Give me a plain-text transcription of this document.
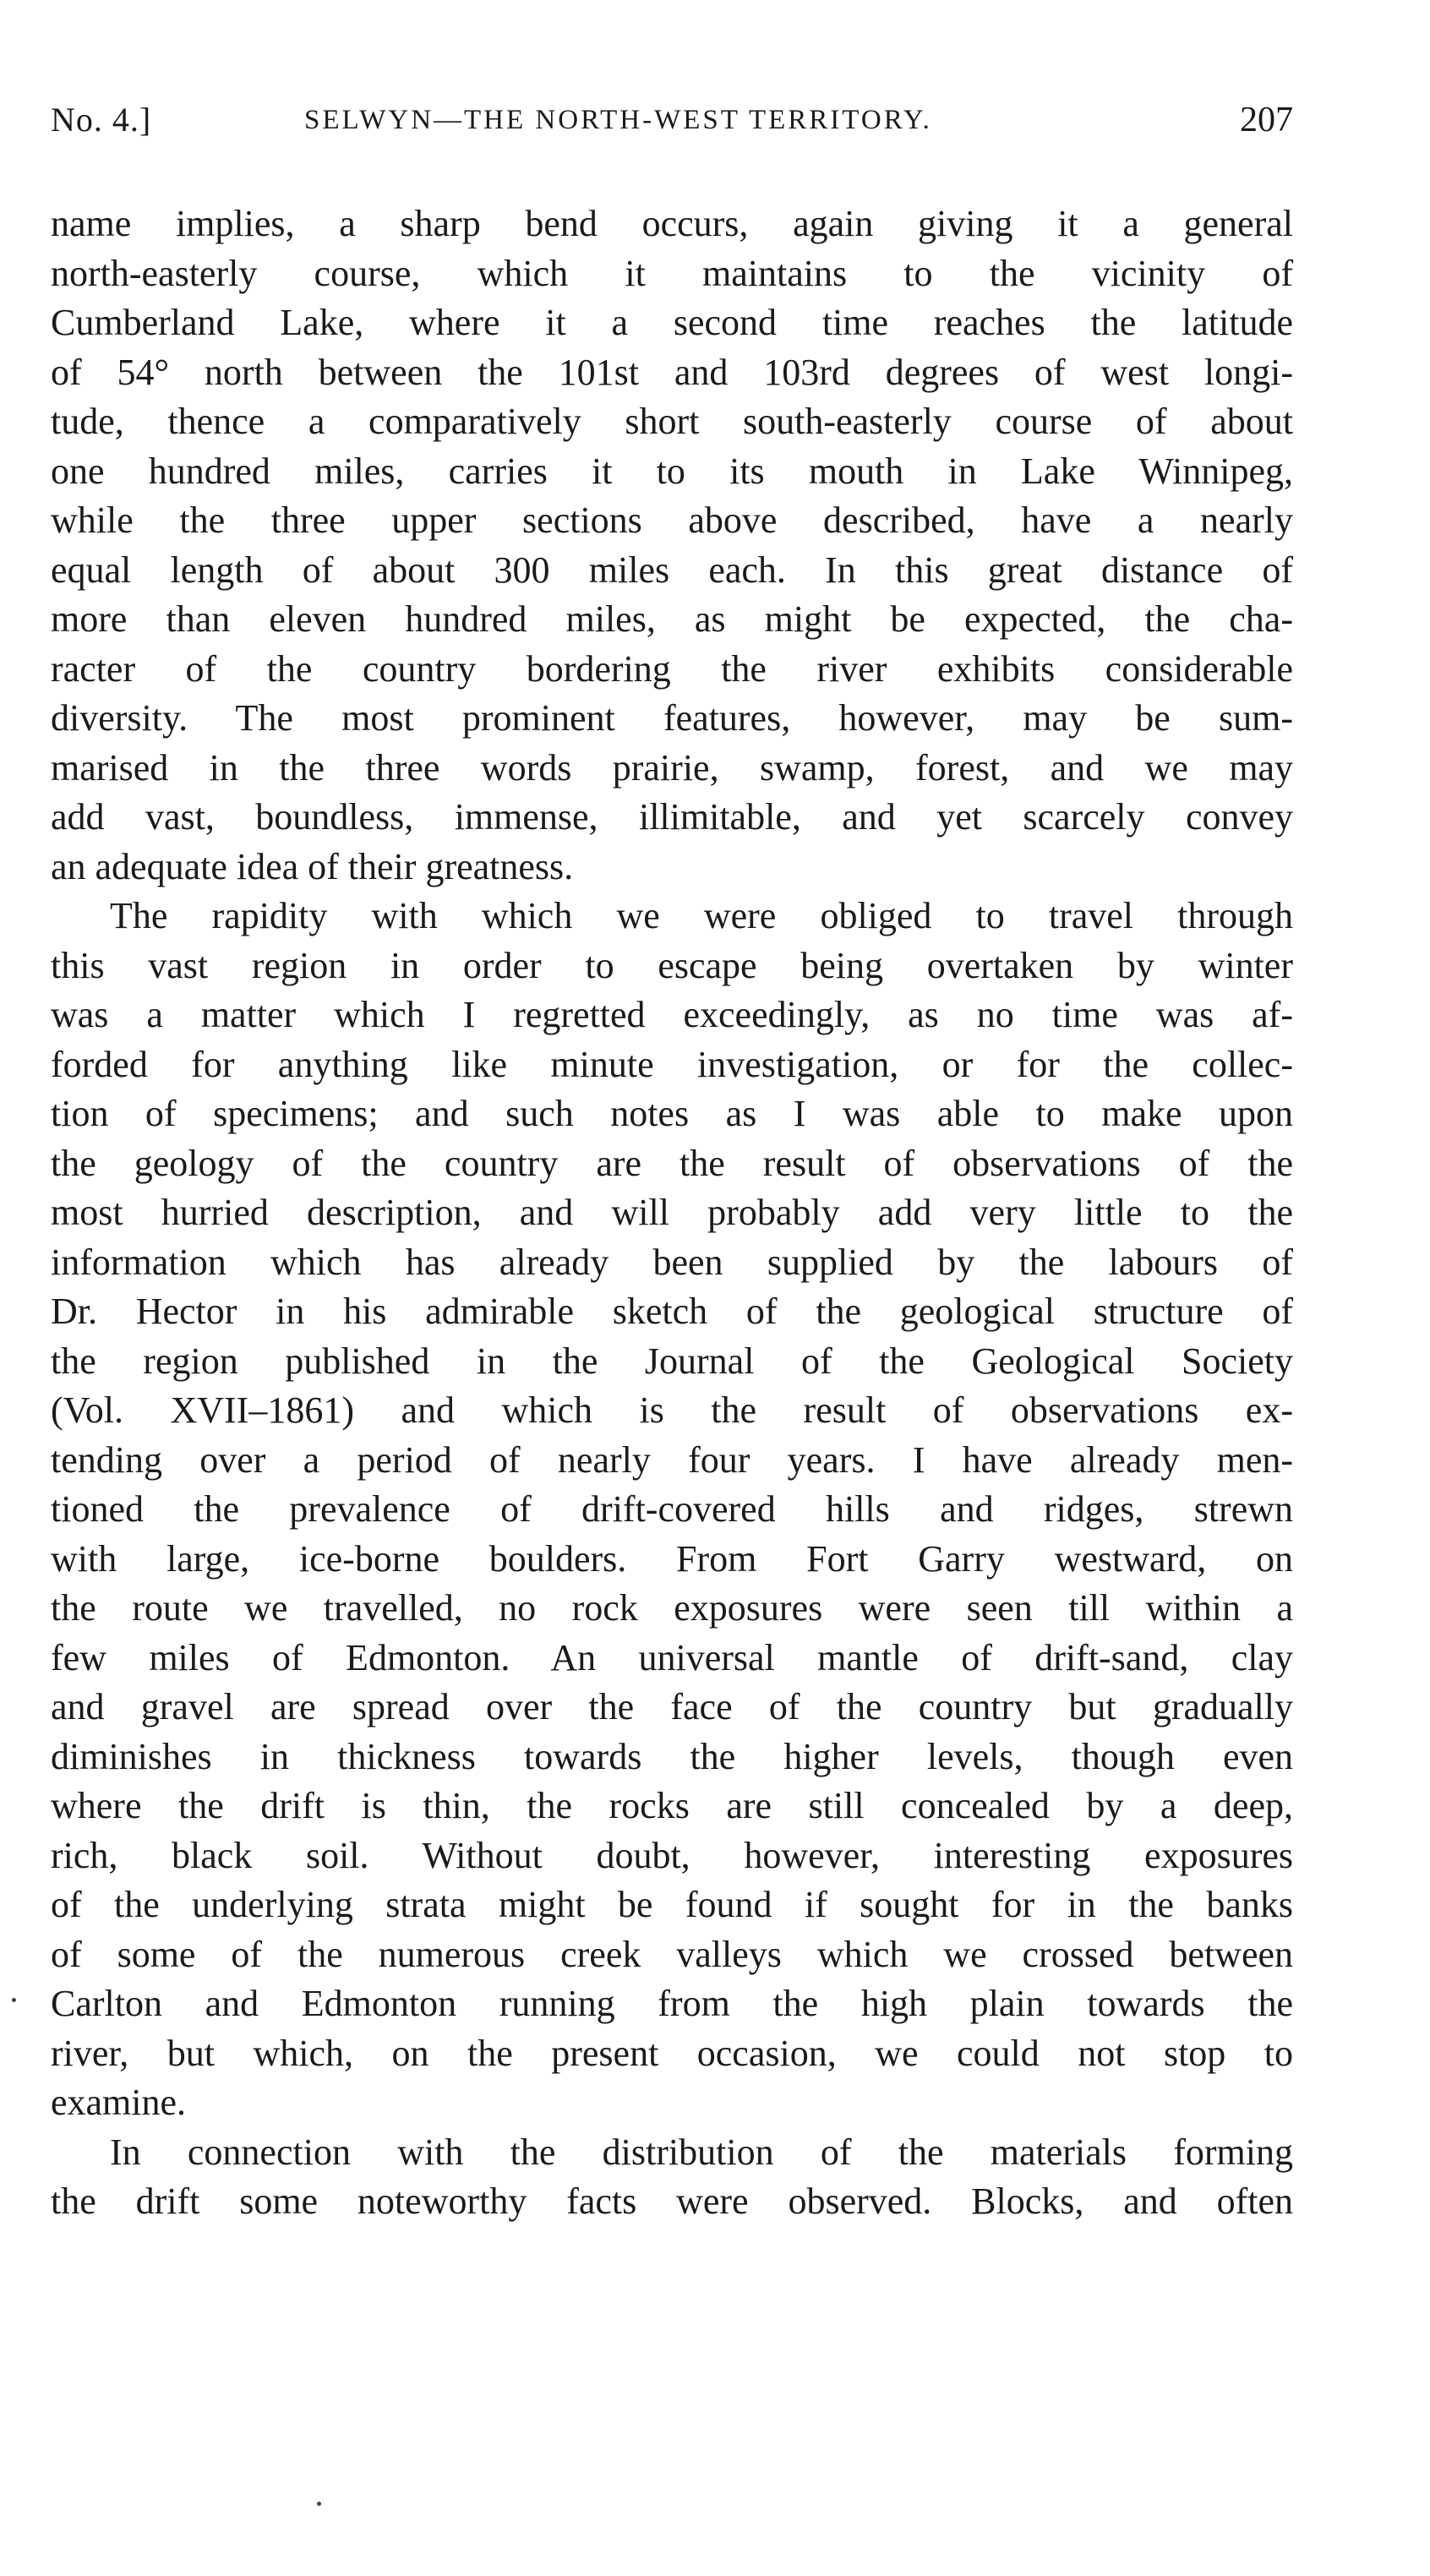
No. 4.]	SELWYN—THE NORTH-WEST TERRITORY.	207
name implies, a sharp bend occurs, again giving it a general
north-easterly course, which it maintains to the vicinity of
Cumberland Lake, where it a second time reaches the latitude
of 54° north between the 101st and 103rd degrees of west longi-
tude, thence a comparatively short south-easterly course of about
one hundred miles, carries it to its mouth in Lake Winnipeg,
while the three upper sections above described, have a nearly
equal length of about 300 miles each. In this great distance of
more than eleven hundred miles, as might be expected, the cha-
racter of the country bordering the river exhibits considerable
diversity. The most prominent features, however, may be sum-
marised in the three words prairie, swamp, forest, and we may
add vast, boundless, immense, illimitable, and yet scarcely convey
an adequate idea of their greatness.
The rapidity with which we were obliged to travel through
this vast region in order to escape being overtaken by winter
was a matter which I regretted exceedingly, as no time was af-
forded for anything like minute investigation, or for the collec-
tion of specimens; and such notes as I was able to make upon
the geology of the country are the result of observations of the
most hurried description, and will probably add very little to the
information which has already been supplied by the labours of
Dr. Hector in his admirable sketch of the geological structure of
the region published in the Journal of the Geological Society
(Vol. XVII–1861) and which is the result of observations ex-
tending over a period of nearly four years. I have already men-
tioned the prevalence of drift-covered hills and ridges, strewn
with large, ice-borne boulders. From Fort Garry westward, on
the route we travelled, no rock exposures were seen till within a
few miles of Edmonton. An universal mantle of drift-sand, clay
and gravel are spread over the face of the country but gradually
diminishes in thickness towards the higher levels, though even
where the drift is thin, the rocks are still concealed by a deep,
rich, black soil. Without doubt, however, interesting exposures
of the underlying strata might be found if sought for in the banks
of some of the numerous creek valleys which we crossed between
Carlton and Edmonton running from the high plain towards the
river, but which, on the present occasion, we could not stop to
examine.
In connection with the distribution of the materials forming
the drift some noteworthy facts were observed. Blocks, and often
